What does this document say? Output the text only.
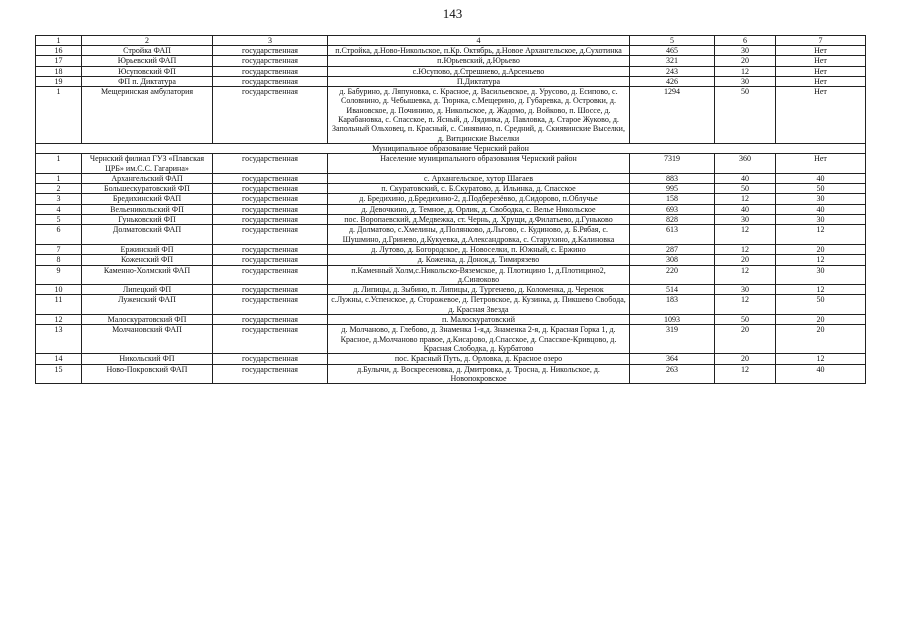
143
1	2	3	4	5	6	7
16	Стройка ФАП	государственная	п.Стройка, д.Ново-Никольское, п.Кр. Октябрь, д.Новое Архангельское, д.Сухотинка	465	30	Нет
17	Юрьевский ФАП	государственная	п.Юрьевский, д.Юрьево	321	20	Нет
18	Юсуповский ФП	государственная	с.Юсупово, д.Стрешнево, д.Арсеньево	243	12	Нет
19	ФП п. Диктатура	государственная	П.Диктатура	426	30	Нет
1	Мещеринская амбулатория	государственная	д. Бабурино, д. Ляпуновка, с. Красное, д. Васильевское, д. Урусово, д. Есипово, с. Соловнино, д. Чебышевка, д. Тюрнка, с.Мещерино, д. Губаревка, д. Островки, д. Ивановское, д. Починино, д. Никольское, д. Жадомо, д. Войково, п. Шоссе, д. Карабановка, с. Спасское, п. Ясный, д. Лядинка, д. Павловка, д. Старое Жуково, д. Запольный Ольховец, п. Красный, с. Синявино, п. Средний, д. Скиявинские Выселки, д. Витцинские Выселки	1294	50	Нет
Муниципальное образование Чернский район						
1	Чернский филиал ГУЗ «Плавская ЦРБ» им.С.С. Гагарина»	государственная	Население муниципального образования Чернский район	7319	360	Нет
1	Архангельский ФАП	государственная	с. Архангельское, хутор Шагаев	883	40	40
2	Большескуратовский ФП	государственная	п. Скуратовский, с. Б.Скуратово, д. Ильинка, д. Спасское	995	50	50
3	Бредихинский ФАП	государственная	д. Бредихино, д.Бредихино-2, д.Подберезёвво, д.Сидорово, п.Облучье	158	12	30
4	Вельеникольский ФП	государственная	д. Девочкино, д. Темное, д. Орлик, д. Свободка, с. Вельe Никольское	693	40	40
5	Гуньковский ФП	государственная	пос. Воропаевский, д.Медвежка, ст. Чернь, д. Хрущи, д.Филатьево, д.Гуньково	828	30	30
6	Долматовский ФАП	государственная	д. Долматово, с.Хмелины, д.Полянково, д.Льгово, с. Кудиново, д. Б.Рябая, с. Шушмино, д.Гринево, д.Кукуевка, д.Александровка, с. Старухино, д.Калиновка	613	12	12
7	Ержинский ФП	государственная	д. Лутово, д. Богородское, д. Новоселки, п. Южный, с. Ержино	287	12	20
8	Коженский ФП	государственная	д. Коженка, д. Донок,д. Тимирязево	308	20	12
9	Каменно-Холмский ФАП	государственная	п.Каменный Холм,с.Никольско-Вяземское, д. Плотицино 1, д.Плотицино2, д.Синюково	220	12	30
10	Липецкий ФП	государственная	д. Липицы, д. Зыбино, п. Липицы, д. Тургенево, д. Коломенка, д. Черенок	514	30	12
11	Луженский ФАП	государственная	с.Лужны, с.Успенское, д. Сторожевое, д. Петровское, д. Кузинка, д. Пикшево Свобода, д. Красная Звезда	183	12	50
12	Малоскуратовский ФП	государственная	п. Малоскуратовский	1093	50	20
13	Молчановский ФАП	государственная	д. Молчаново, д. Глебово, д. Знаменка 1-я,д. Знаменка 2-я, д. Красная Горка 1, д. Красное, д.Молчаново правое, д.Кисарово, д.Спасское, д. Спасское-Кривцово, д. Красная Слободка, д. Курбатово	319	20	20
14	Никольский ФП	государственная	пос. Красный Путь, д. Орловка, д. Красное озеро	364	20	12
15	Ново-Покровский ФАП	государственная	д.Булычи, д. Воскресеновка, д. Дмитровка, д. Тросна, д. Никольское, д. Новопокровское	263	12	40
